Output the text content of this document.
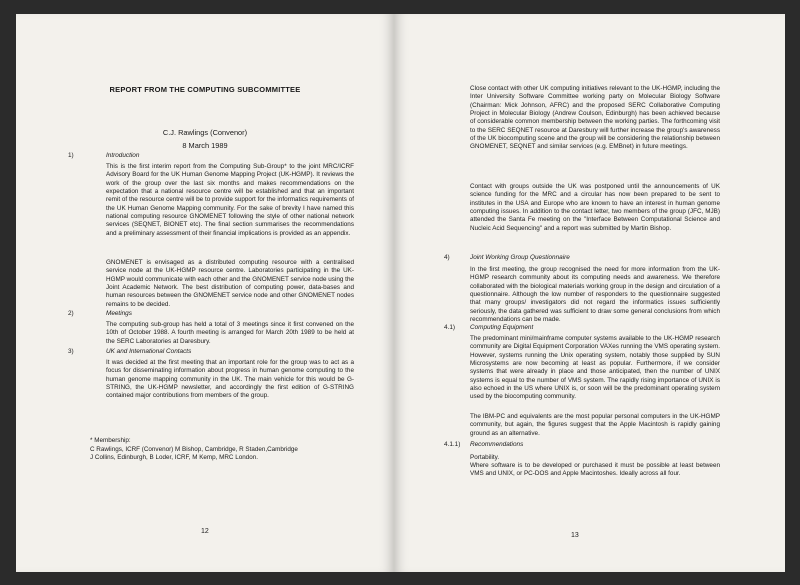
REPORT FROM THE COMPUTING SUBCOMMITTEE
C.J. Rawlings (Convenor)
8 March 1989
1)	Introduction

This is the first interim report from the Computing Sub-Group* to the joint MRC/ICRF Advisory Board for the UK Human Genome Mapping Project (UK-HGMP). It reviews the work of the group over the last six months and makes recommendations on the expectation that a national resource centre will be established and that an important remit of the resource centre will be to provide support for the informatics requirements of the UK Human Genome Mapping community. For the sake of brevity I have named this national computing resource GNOMENET following the style of other national network services (SEQNET, BIONET etc). The final section summarises the recommendations and a preliminary assessment of their financial implications is provided as an appendix.

GNOMENET is envisaged as a distributed computing resource with a centralised service node at the UK-HGMP resource centre. Laboratories participating in the UK-HGMP would communicate with each other and the GNOMENET service node using the Joint Academic Network. The best distribution of computing power, data-bases and human resources between the GNOMENET service node and other GNOMENET nodes remains to be decided.

2)	Meetings

The computing sub-group has held a total of 3 meetings since it first convened on the 10th of October 1988. A fourth meeting is arranged for March 20th 1989 to be held at the SERC Laboratories at Daresbury.

3)	UK and International Contacts

It was decided at the first meeting that an important role for the group was to act as a focus for disseminating information about progress in human genome computing to the human genome mapping community in the UK. The main vehicle for this would be G-STRING, the UK-HGMP newsletter, and accordingly the first edition of G-STRING contained major contributions from members of the group.

* Membership:
C Rawlings, ICRF (Convenor) M Bishop, Cambridge, R Staden,Cambridge
J Collins, Edinburgh, B Loder, ICRF, M Kemp, MRC London.

12

Close contact with other UK computing initiatives relevant to the UK-HGMP, including the Inter University Software Committee working party on Molecular Biology Software (Chairman: Mick Johnson, AFRC) and the proposed SERC Collaborative Computing Project in Molecular Biology (Andrew Coulson, Edinburgh) has been achieved because of considerable common membership between the working parties. The forthcoming visit to the SERC SEQNET resource at Daresbury will further increase the group's awareness of the UK biocomputing scene and the group will be considering the relationship between GNOMENET, SEQNET and similar services (e.g. EMBnet) in future meetings.

Contact with groups outside the UK was postponed until the announcements of UK science funding for the MRC and a circular has now been prepared to be sent to institutes in the USA and Europe who are known to have an interest in human genome computing issues. In addition to the contact letter, two members of the group (JFC, MJB) attended the Santa Fe meeting on the "Interface Between Computational Science and Nucleic Acid Sequencing" and a report was submitted by Martin Bishop.

4)	Joint Working Group Questionnaire

In the first meeting, the group recognised the need for more information from the UK-HGMP research community about its computing needs and awareness. We therefore collaborated with the biological materials working group in the design and circulation of a questionnaire. Although the low number of responders to the questionnaire suggested that many groups/ investigators did not regard the informatics issues sufficiently seriously, the data gathered was sufficient to draw some general conclusions from which recommendations can be made.

4.1) Computing Equipment

The predominant mini/mainframe computer systems available to the UK-HGMP research community are Digital Equipment Corporation VAXes running the VMS operating system. However, systems running the Unix operating system, notably those supplied by SUN Microsystems are now becoming at least as popular. Furthermore, if we consider systems that were already in place and those anticipated, then the number of UNIX systems is equal to the number of VMS system. The rapidly rising importance of UNIX is also echoed in the US where UNIX is, or soon will be the predominant operating system used by the biocomputing community.

The IBM-PC and equivalents are the most popular personal computers in the UK-HGMP community, but again, the figures suggest that the Apple Macintosh is rapidly gaining ground as an alternative.

4.1.1) Recommendations

Portability.

Where software is to be developed or purchased it must be possible at least between VMS and UNIX, or PC-DOS and Apple Macintoshes. Ideally across all four.

13
